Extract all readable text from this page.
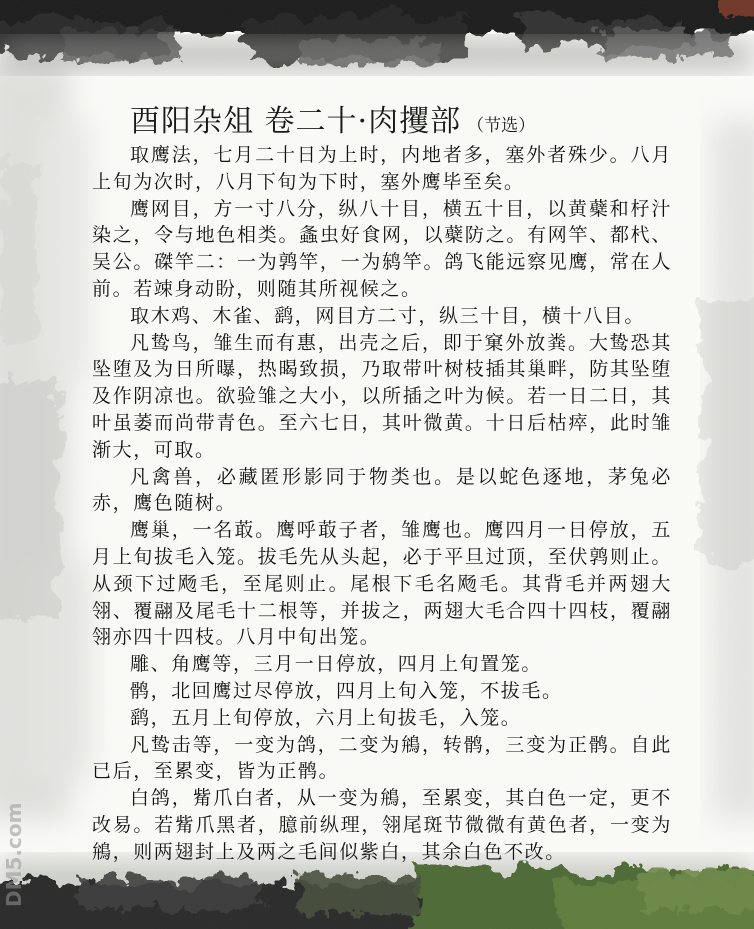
酉阳杂俎 卷二十·肉攫部 （节选）

取鹰法，七月二十日为上时，内地者多，塞外者殊少。八月上旬为次时，八月下旬为下时，塞外鹰毕至矣。

鹰网目，方一寸八分，纵八十目，横五十目，以黄蘗和杍汁染之，令与地色相类。螽虫好食网，以蘗防之。有网竿、都杙、吴公。磔竿二：一为鹑竿，一为鸫竿。鸽飞能远察见鹰，常在人前。若竦身动盼，则随其所视候之。

取木鸡、木雀、鹞，网目方二寸，纵三十目，横十八目。

凡鸷鸟，雏生而有惠，出壳之后，即于窠外放粪。大鸷恐其坠堕及为日所曝，热暍致损，乃取带叶树枝插其巢畔，防其坠堕及作阴凉也。欲验雏之大小，以所插之叶为候。若一日二日，其叶虽萎而尚带青色。至六七日，其叶微黄。十日后枯瘁，此时雏渐大，可取。

凡禽兽，必藏匿形影同于物类也。是以蛇色逐地，茅兔必赤，鹰色随树。

鹰巢，一名菆。鹰呼菆子者，雏鹰也。鹰四月一日停放，五月上旬拔毛入笼。拔毛先从头起，必于平旦过顶，至伏鹑则止。从颈下过飏毛，至尾则止。尾根下毛名飏毛。其背毛并两翅大翎、覆翮及尾毛十二根等，并拔之，两翅大毛合四十四枝，覆翮翎亦四十四枝。八月中旬出笼。

雕、角鹰等，三月一日停放，四月上旬置笼。

鹘，北回鹰过尽停放，四月上旬入笼，不拔毛。

鹞，五月上旬停放，六月上旬拔毛，入笼。

凡鸷击等，一变为鸽，二变为鴘，转鹘，三变为正鹘。自此已后，至累变，皆为正鹘。

白鸽，觜爪白者，从一变为鴘，至累变，其白色一定，更不改易。若觜爪黑者，臆前纵理，翎尾斑节微微有黄色者，一变为鴘，则两翅封上及两之毛间似紫白，其余白色不改。

DM5.com
